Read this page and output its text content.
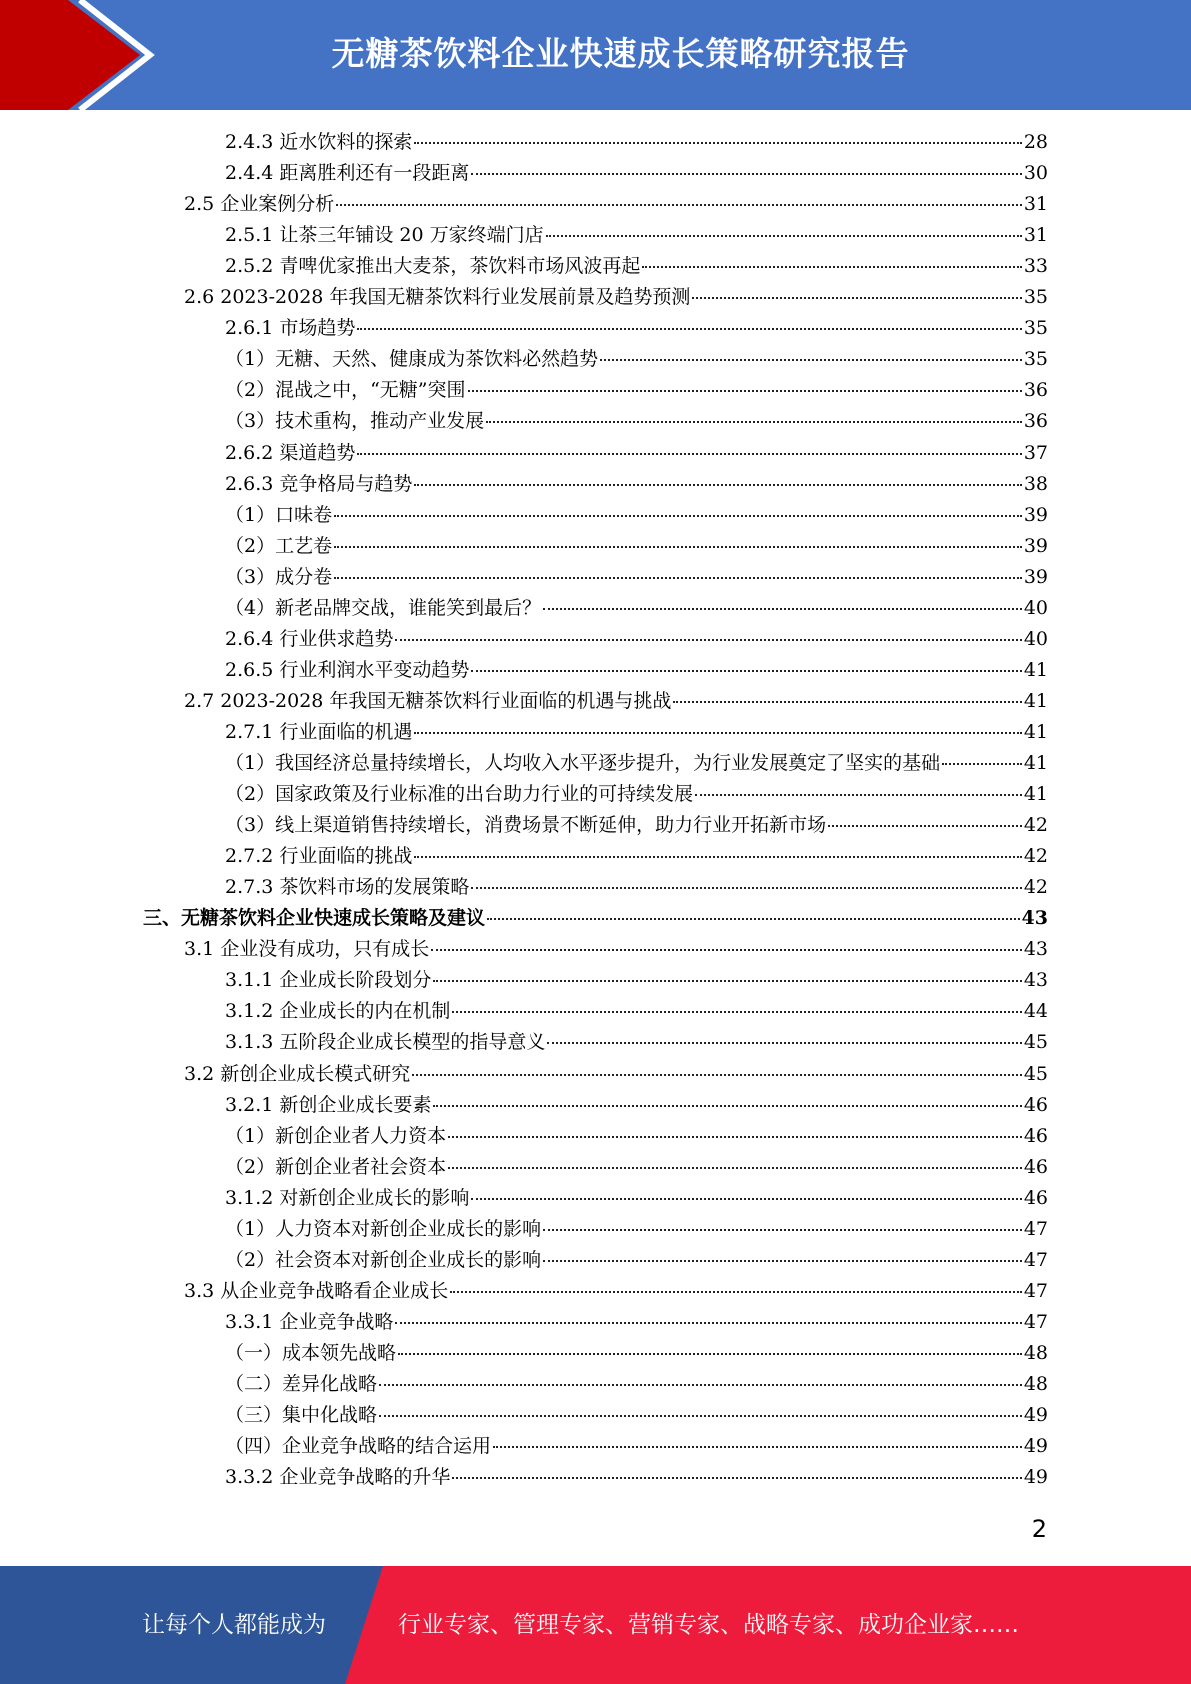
无糖茶饮料企业快速成长策略研究报告
2.4.3 近水饮料的探索	28
2.4.4 距离胜利还有一段距离	30
2.5 企业案例分析	31
2.5.1 让茶三年铺设 20 万家终端门店	31
2.5.2 青啤优家推出大麦茶，茶饮料市场风波再起	33
2.6 2023-2028 年我国无糖茶饮料行业发展前景及趋势预测	35
2.6.1 市场趋势	35
（1）无糖、天然、健康成为茶饮料必然趋势	35
（2）混战之中，“无糖”突围	36
（3）技术重构，推动产业发展	36
2.6.2 渠道趋势	37
2.6.3 竞争格局与趋势	38
（1）口味卷	39
（2）工艺卷	39
（3）成分卷	39
（4）新老品牌交战，谁能笑到最后？	40
2.6.4 行业供求趋势	40
2.6.5 行业利润水平变动趋势	41
2.7 2023-2028 年我国无糖茶饮料行业面临的机遇与挑战	41
2.7.1 行业面临的机遇	41
（1）我国经济总量持续增长，人均收入水平逐步提升，为行业发展奠定了坚实的基础	41
（2）国家政策及行业标准的出台助力行业的可持续发展	41
（3）线上渠道销售持续增长，消费场景不断延伸，助力行业开拓新市场	42
2.7.2 行业面临的挑战	42
2.7.3 茶饮料市场的发展策略	42
三、无糖茶饮料企业快速成长策略及建议	43
3.1 企业没有成功，只有成长	43
3.1.1 企业成长阶段划分	43
3.1.2 企业成长的内在机制	44
3.1.3 五阶段企业成长模型的指导意义	45
3.2 新创企业成长模式研究	45
3.2.1 新创企业成长要素	46
（1）新创企业者人力资本	46
（2）新创企业者社会资本	46
3.1.2 对新创企业成长的影响	46
（1）人力资本对新创企业成长的影响	47
（2）社会资本对新创企业成长的影响	47
3.3 从企业竞争战略看企业成长	47
3.3.1 企业竞争战略	47
（一）成本领先战略	48
（二）差异化战略	48
（三）集中化战略	49
（四）企业竞争战略的结合运用	49
3.3.2 企业竞争战略的升华	49
2
让每个人都能成为	行业专家、管理专家、营销专家、战略专家、成功企业家……
